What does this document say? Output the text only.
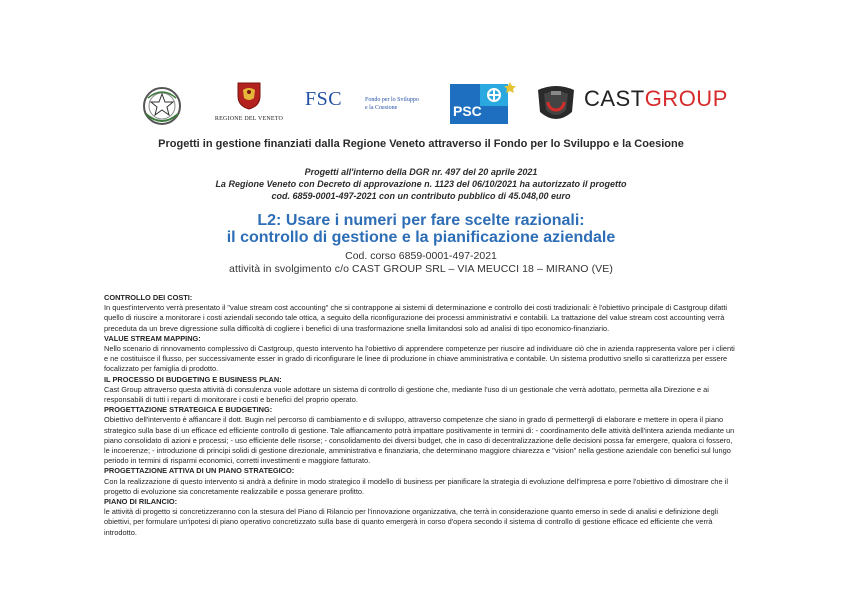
REGIONE DEL VENETO
FSC	Fondo per lo Sviluppo
e la Coesione	PSC	CASTGROUP
Progetti in gestione finanziati dalla Regione Veneto attraverso il Fondo per lo Sviluppo e la Coesione
Progetti all'interno della DGR nr. 497 del 20 aprile 2021
La Regione Veneto con Decreto di approvazione n. 1123 del 06/10/2021 ha autorizzato il progetto
cod. 6859-0001-497-2021 con un contributo pubblico di 45.048,00 euro
L2: Usare i numeri per fare scelte razionali:
il controllo di gestione e la pianificazione aziendale
Cod. corso 6859-0001-497-2021
attività in svolgimento c/o CAST GROUP SRL – VIA MEUCCI 18 – MIRANO (VE)
CONTROLLO DEI COSTI:
In quest'intervento verrà presentato il "value stream cost accounting" che si contrappone ai sistemi di determinazione e controllo dei costi tradizionali: è l'obiettivo principale di Castgroup difatti quello di riuscire a monitorare i costi aziendali secondo tale ottica, a seguito della riconfigurazione dei processi amministrativi e contabili. La trattazione del value stream cost accounting verrà preceduta da un breve digressione sulla difficoltà di cogliere i benefici di una trasformazione snella limitandosi solo ad analisi di tipo economico-finanziario.
VALUE STREAM MAPPING:
Nello scenario di rinnovamento complessivo di Castgroup, questo intervento ha l'obiettivo di apprendere competenze per riuscire ad individuare ciò che in azienda rappresenta valore per i clienti e ne costituisce il flusso, per successivamente esser in grado di riconfigurare le linee di produzione in chiave amministrativa e contabile. Un sistema produttivo snello si caratterizza per essere focalizzato per famiglia di prodotto.
IL PROCESSO DI BUDGETING E BUSINESS PLAN:
Cast Group attraverso questa attività di consulenza vuole adottare un sistema di controllo di gestione che, mediante l'uso di un gestionale che verrà adottato, permetta alla Direzione e ai responsabili di tutti i reparti di monitorare i costi e benefici del proprio operato.
PROGETTAZIONE STRATEGICA E BUDGETING:
Obiettivo dell'intervento è affiancare il dott. Bugin nel percorso di cambiamento e di sviluppo, attraverso competenze che siano in grado di permettergli di elaborare e mettere in opera il piano strategico sulla base di un efficace ed efficiente controllo di gestione. Tale affiancamento potrà impattare positivamente in termini di: - coordinamento delle attività dell'intera azienda mediante un piano consolidato di azioni e processi; - uso efficiente delle risorse; - consolidamento dei diversi budget, che in caso di decentralizzazione delle decisioni possa far emergere, qualora ci fossero, le incoerenze; - introduzione di principi solidi di gestione direzionale, amministrativa e finanziaria, che determinano maggiore chiarezza e "vision" nella gestione aziendale con benefici sul lungo periodo in termini di risparmi economici, corretti investimenti e maggiore fatturato.
PROGETTAZIONE ATTIVA DI UN PIANO STRATEGICO:
Con la realizzazione di questo intervento si andrà a definire in modo strategico il modello di business per pianificare la strategia di evoluzione dell'impresa e porre l'obiettivo di dimostrare che il progetto di evoluzione sia concretamente realizzabile e possa generare profitto.
PIANO DI RILANCIO:
le attività di progetto si concretizzeranno con la stesura del Piano di Rilancio per l'innovazione organizzativa, che terrà in considerazione quanto emerso in sede di analisi e definizione degli obiettivi, per formulare un'ipotesi di piano operativo concretizzato sulla base di quanto emergerà in corso d'opera secondo il sistema di controllo di gestione efficace ed efficiente che verrà introdotto.
